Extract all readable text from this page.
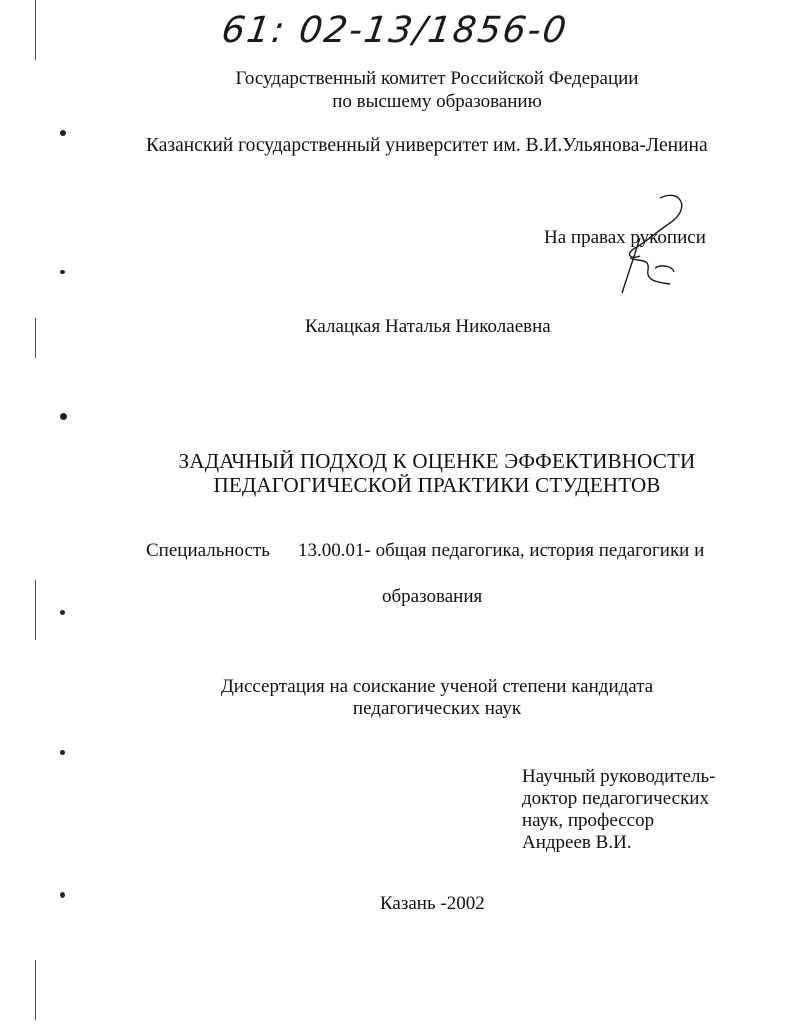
61: 02-13/1856-0
Государственный комитет Российской Федерации
по высшему образованию
Казанский государственный университет им. В.И.Ульянова-Ленина
На правах рукописи
Калацкая Наталья Николаевна
ЗАДАЧНЫЙ ПОДХОД К ОЦЕНКЕ ЭФФЕКТИВНОСТИ
ПЕДАГОГИЧЕСКОЙ ПРАКТИКИ СТУДЕНТОВ
Специальность 13.00.01- общая педагогика, история педагогики и
образования
Диссертация на соискание ученой степени кандидата
педагогических наук
Научный руководитель-
доктор педагогических
наук, профессор
Андреев В.И.
Казань -2002
